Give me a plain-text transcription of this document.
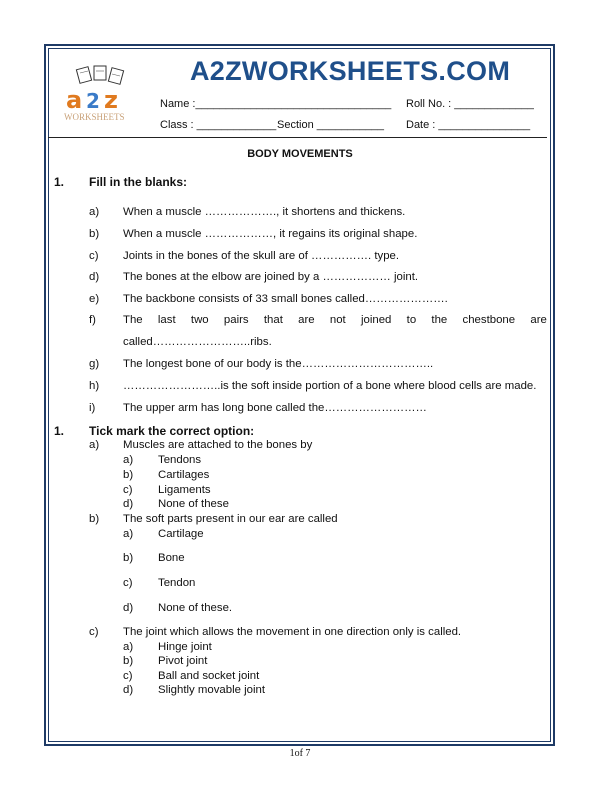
a 2 z
WORKSHEETS
A2ZWORKSHEETS.COM
Name :________________________________ Roll No. : _____________
Class : _____________ Section ___________ Date : _______________
BODY MOVEMENTS
1. Fill in the blanks:
a) When a muscle ………………., it shortens and thickens.
b) When a muscle ………………, it regains its original shape.
c) Joints in the bones of the skull are of ……………. type.
d) The bones at the elbow are joined by a ……………… joint.
e) The backbone consists of 33 small bones called………………….
f) The last two pairs that are not joined to the chestbone are
called……………………..ribs.
g) The longest bone of our body is the……………………………..
h) ……………………..is the soft inside portion of a bone where blood cells are made.
i) The upper arm has long bone called the………………………
1. Tick mark the correct option:
a) Muscles are attached to the bones by
a) Tendons
b) Cartilages
c) Ligaments
d) None of these
b) The soft parts present in our ear are called
a) Cartilage
b) Bone
c) Tendon
d) None of these.
c) The joint which allows the movement in one direction only is called.
a) Hinge joint
b) Pivot joint
c) Ball and socket joint
d) Slightly movable joint
1of 7
